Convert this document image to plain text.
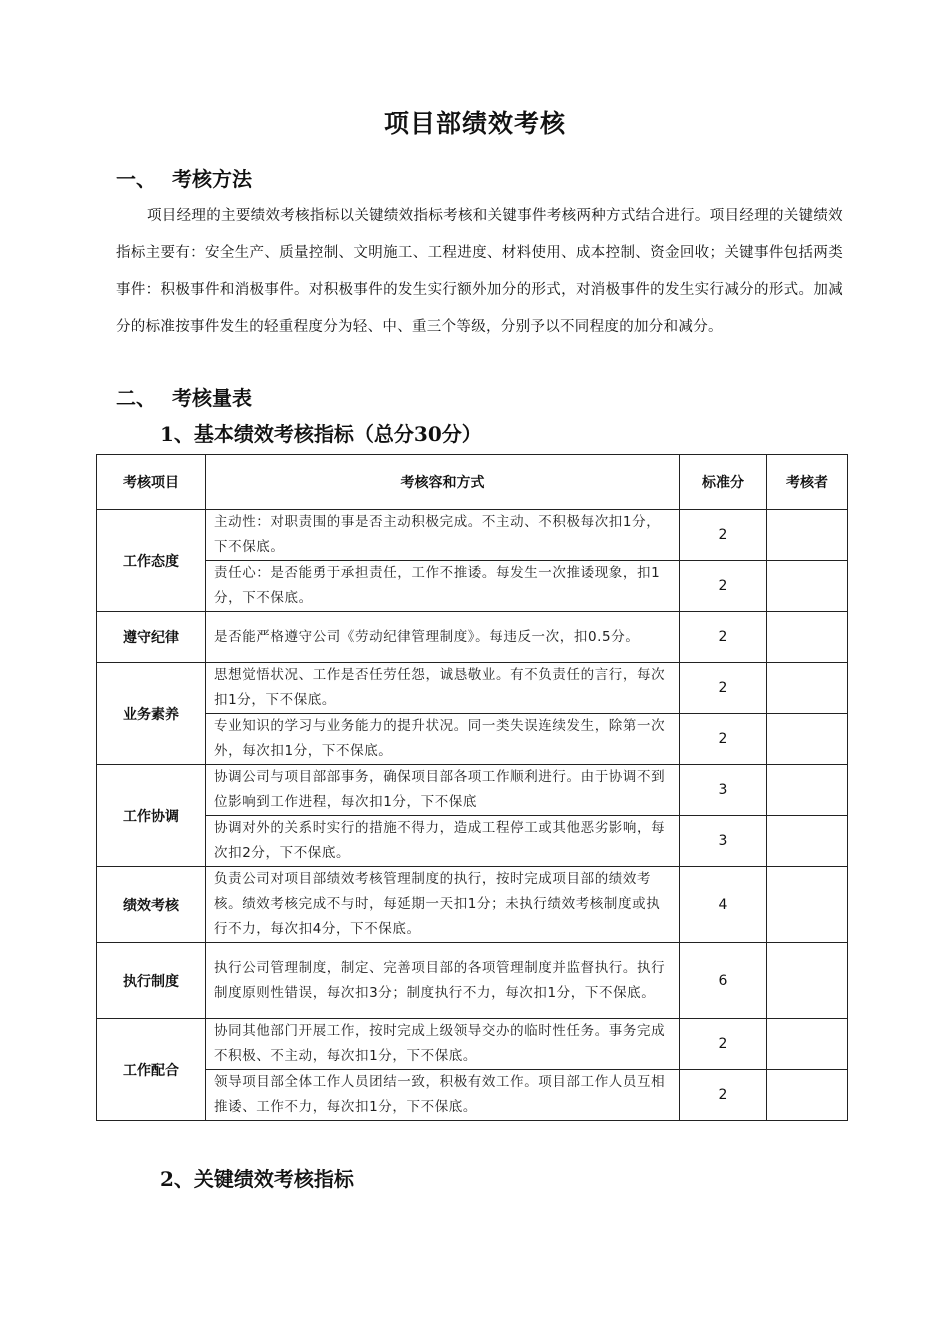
项目部绩效考核
一、 考核方法
项目经理的主要绩效考核指标以关键绩效指标考核和关键事件考核两种方式结合进行。项目经理的关键绩效指标主要有：安全生产、质量控制、文明施工、工程进度、材料使用、成本控制、资金回收；关键事件包括两类事件：积极事件和消极事件。对积极事件的发生实行额外加分的形式，对消极事件的发生实行减分的形式。加减分的标准按事件发生的轻重程度分为轻、中、重三个等级，分别予以不同程度的加分和减分。
二、 考核量表
1、基本绩效考核指标（总分30分）
考核项目	考核容和方式	标准分	考核者
工作态度	主动性：对职责围的事是否主动积极完成。不主动、不积极每次扣1分，下不保底。	2	
	责任心：是否能勇于承担责任，工作不推诿。每发生一次推诿现象，扣1分，下不保底。	2	
遵守纪律	是否能严格遵守公司《劳动纪律管理制度》。每违反一次，扣0.5分。	2	
业务素养	思想觉悟状况、工作是否任劳任怨，诚恳敬业。有不负责任的言行，每次扣1分，下不保底。	2	
	专业知识的学习与业务能力的提升状况。同一类失误连续发生，除第一次外，每次扣1分，下不保底。	2	
工作协调	协调公司与项目部部事务，确保项目部各项工作顺利进行。由于协调不到位影响到工作进程，每次扣1分，下不保底	3	
	协调对外的关系时实行的措施不得力，造成工程停工或其他恶劣影响，每次扣2分，下不保底。	3	
绩效考核	负责公司对项目部绩效考核管理制度的执行，按时完成项目部的绩效考核。绩效考核完成不与时，每延期一天扣1分；未执行绩效考核制度或执行不力，每次扣4分，下不保底。	4	
执行制度	执行公司管理制度，制定、完善项目部的各项管理制度并监督执行。执行制度原则性错误，每次扣3分；制度执行不力，每次扣1分，下不保底。	6	
工作配合	协同其他部门开展工作，按时完成上级领导交办的临时性任务。事务完成不积极、不主动，每次扣1分，下不保底。	2	
	领导项目部全体工作人员团结一致，积极有效工作。项目部工作人员互相推诿、工作不力，每次扣1分，下不保底。	2	
2、关键绩效考核指标
